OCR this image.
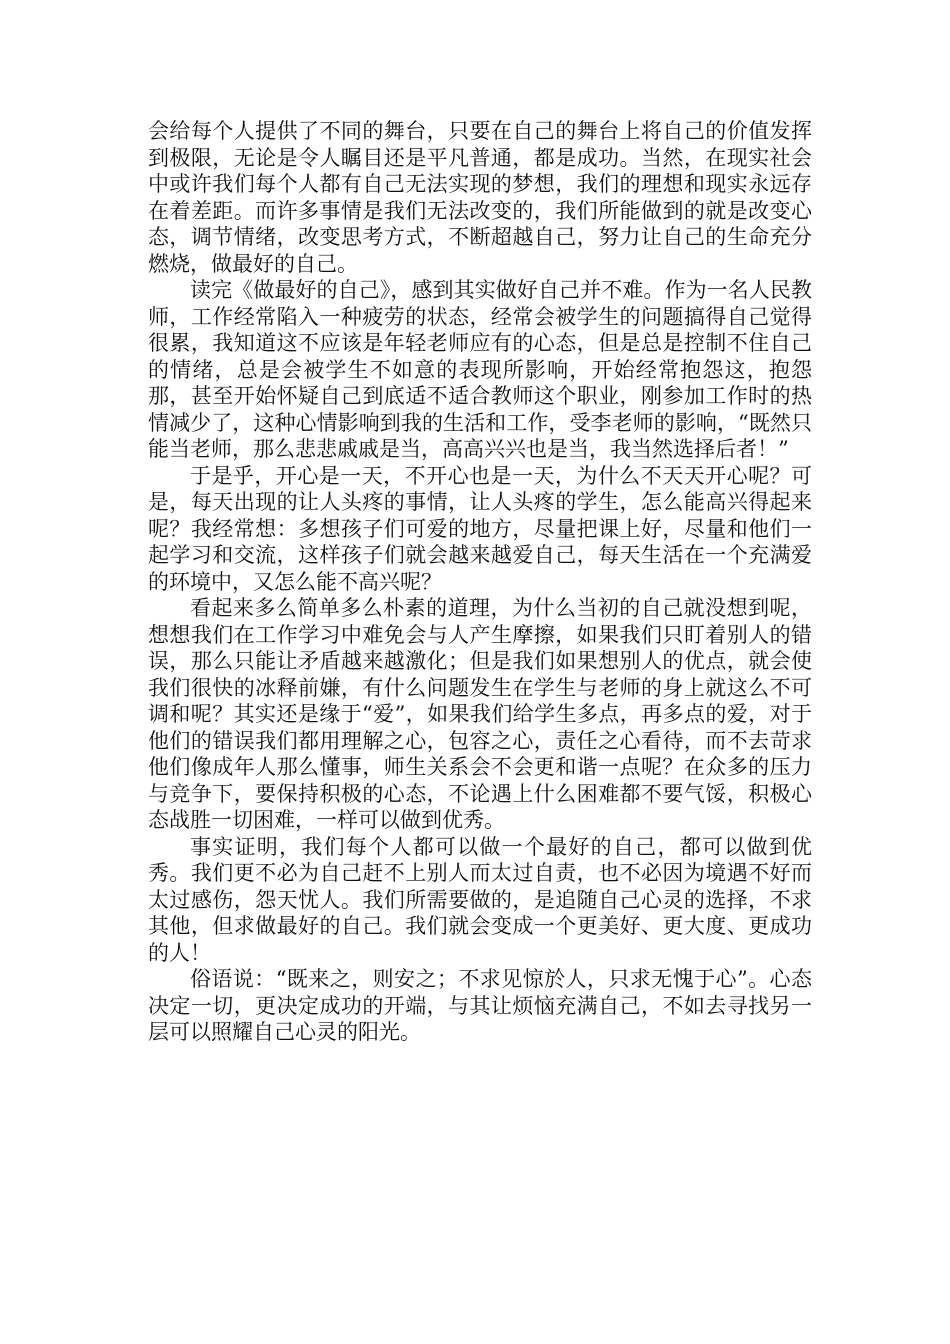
会给每个人提供了不同的舞台，只要在自己的舞台上将自己的价值发挥到极限，无论是令人瞩目还是平凡普通，都是成功。当然，在现实社会中或许我们每个人都有自己无法实现的梦想，我们的理想和现实永远存在着差距。而许多事情是我们无法改变的，我们所能做到的就是改变心态，调节情绪，改变思考方式，不断超越自己，努力让自己的生命充分燃烧，做最好的自己。

读完《做最好的自己》，感到其实做好自己并不难。作为一名人民教师，工作经常陷入一种疲劳的状态，经常会被学生的问题搞得自己觉得很累，我知道这不应该是年轻老师应有的心态，但是总是控制不住自己的情绪，总是会被学生不如意的表现所影响，开始经常抱怨这，抱怨那，甚至开始怀疑自己到底适不适合教师这个职业，刚参加工作时的热情减少了，这种心情影响到我的生活和工作，受李老师的影响，“既然只能当老师，那么悲悲戚戚是当，高高兴兴也是当，我当然选择后者！”

于是乎，开心是一天，不开心也是一天，为什么不天天开心呢？可是，每天出现的让人头疼的事情，让人头疼的学生，怎么能高兴得起来呢？我经常想：多想孩子们可爱的地方，尽量把课上好，尽量和他们一起学习和交流，这样孩子们就会越来越爱自己，每天生活在一个充满爱的环境中，又怎么能不高兴呢？

看起来多么简单多么朴素的道理，为什么当初的自己就没想到呢，想想我们在工作学习中难免会与人产生摩擦，如果我们只盯着别人的错误，那么只能让矛盾越来越激化；但是我们如果想别人的优点，就会使我们很快的冰释前嫌，有什么问题发生在学生与老师的身上就这么不可调和呢？其实还是缘于“爱”，如果我们给学生多点，再多点的爱，对于他们的错误我们都用理解之心，包容之心，责任之心看待，而不去苛求他们像成年人那么懂事，师生关系会不会更和谐一点呢？在众多的压力与竞争下，要保持积极的心态，不论遇上什么困难都不要气馁，积极心态战胜一切困难，一样可以做到优秀。

事实证明，我们每个人都可以做一个最好的自己，都可以做到优秀。我们更不必为自己赶不上别人而太过自责，也不必因为境遇不好而太过感伤，怨天忧人。我们所需要做的，是追随自己心灵的选择，不求其他，但求做最好的自己。我们就会变成一个更美好、更大度、更成功的人！

俗语说：“既来之，则安之；不求见惊於人，只求无愧于心”。心态决定一切，更决定成功的开端，与其让烦恼充满自己，不如去寻找另一层可以照耀自己心灵的阳光。
